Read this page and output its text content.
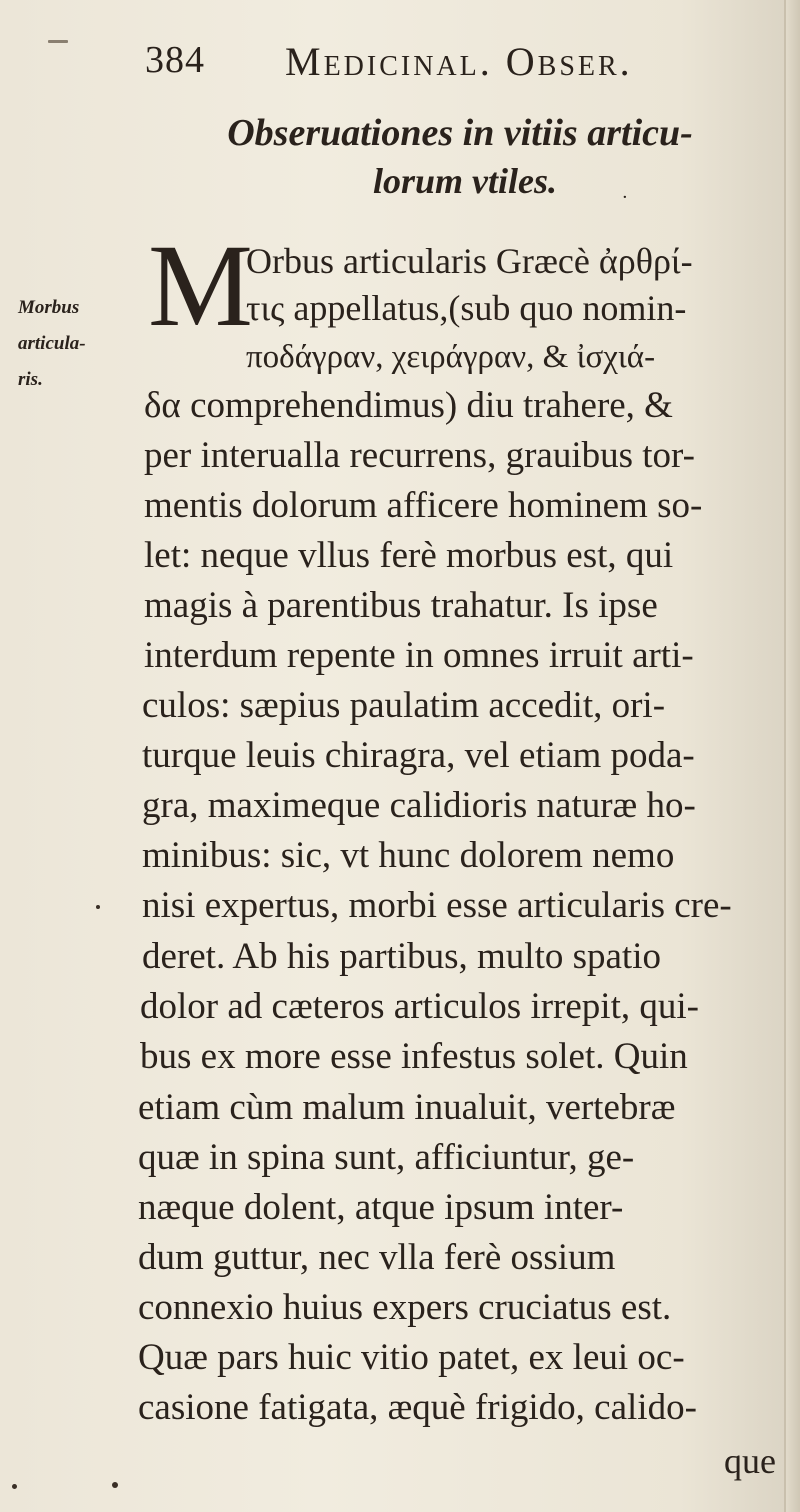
384 Medicinal. Obser.
Obseruationes in vitiis articu-
lorum vtiles.	·
Morbus
articula-
ris.
M
Orbus articularis Græcè ἀρθρί-
τις appellatus,(sub quo nomin-
ποδάγραν, χειράγραν, & ἰσχιά-
δα comprehendimus) diu trahere, &
per interualla recurrens, grauibus tor-
mentis dolorum afficere hominem so-
let: neque vllus ferè morbus est, qui
magis à parentibus trahatur. Is ipse
interdum repente in omnes irruit arti-
culos: sæpius paulatim accedit, ori-
turque leuis chiragra, vel etiam poda-
gra, maximeque calidioris naturæ ho-
minibus: sic, vt hunc dolorem nemo
nisi expertus, morbi esse articularis cre-
deret. Ab his partibus, multo spatio
dolor ad cæteros articulos irrepit, qui-
bus ex more esse infestus solet. Quin
etiam cùm malum inualuit, vertebræ
quæ in spina sunt, afficiuntur, ge-
næque dolent, atque ipsum inter-
dum guttur, nec vlla ferè ossium
connexio huius expers cruciatus est.
Quæ pars huic vitio patet, ex leui oc-
casione fatigata, æquè frigido, calido-
que
